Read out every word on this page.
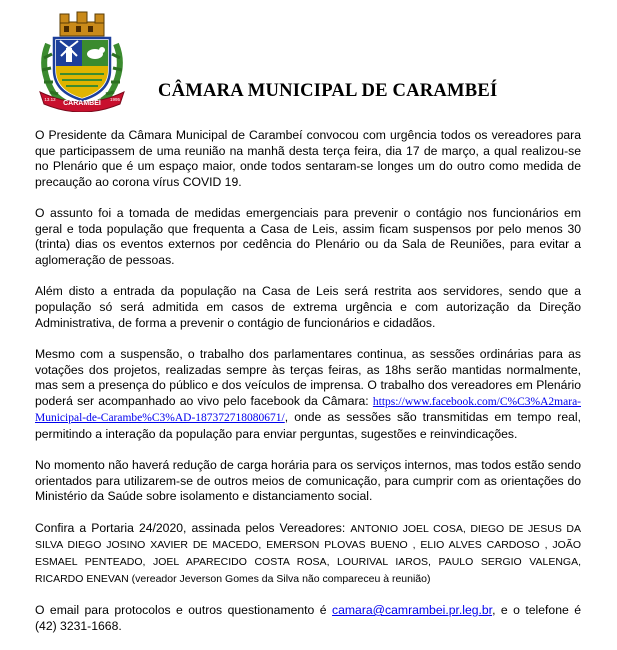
CARAMBEÍ
13.12	1995 CÂMARA MUNICIPAL DE CARAMBEÍ

O Presidente da Câmara Municipal de Carambeí convocou com urgência todos os vereadores para que participassem de uma reunião na manhã desta terça feira, dia 17 de março, a qual realizou-se no Plenário que é um espaço maior, onde todos sentaram-se longes um do outro como medida de precaução ao corona vírus COVID 19.

O assunto foi a tomada de medidas emergenciais para prevenir o contágio nos funcionários em geral e toda população que frequenta a Casa de Leis, assim ficam suspensos por pelo menos 30 (trinta) dias os eventos externos por cedência do Plenário ou da Sala de Reuniões, para evitar a aglomeração de pessoas.

Além disto a entrada da população na Casa de Leis será restrita aos servidores, sendo que a população só será admitida em casos de extrema urgência e com autorização da Direção Administrativa, de forma a prevenir o contágio de funcionários e cidadãos.

Mesmo com a suspensão, o trabalho dos parlamentares continua, as sessões ordinárias para as votações dos projetos, realizadas sempre às terças feiras, as 18hs serão mantidas normalmente, mas sem a presença do público e dos veículos de imprensa. O trabalho dos vereadores em Plenário poderá ser acompanhado ao vivo pelo facebook da Câmara: https://www.facebook.com/C%C3%A2mara-Municipal-de-Carambe%C3%AD-187372718080671/, onde as sessões são transmitidas em tempo real, permitindo a interação da população para enviar perguntas, sugestões e reinvindicações.

No momento não haverá redução de carga horária para os serviços internos, mas todos estão sendo orientados para utilizarem-se de outros meios de comunicação, para cumprir com as orientações do Ministério da Saúde sobre isolamento e distanciamento social.

Confira a Portaria 24/2020, assinada pelos Vereadores: ANTONIO JOEL COSA, DIEGO DE JESUS DA SILVA DIEGO JOSINO XAVIER DE MACEDO, EMERSON PLOVAS BUENO , ELIO ALVES CARDOSO , JOÃO ESMAEL PENTEADO, JOEL APARECIDO COSTA ROSA, LOURIVAL IAROS, PAULO SERGIO VALENGA, RICARDO ENEVAN (vereador Jeverson Gomes da Silva não compareceu à reunião)

O email para protocolos e outros questionamento é camara@camrambei.pr.leg.br, e o telefone é (42) 3231-1668.
